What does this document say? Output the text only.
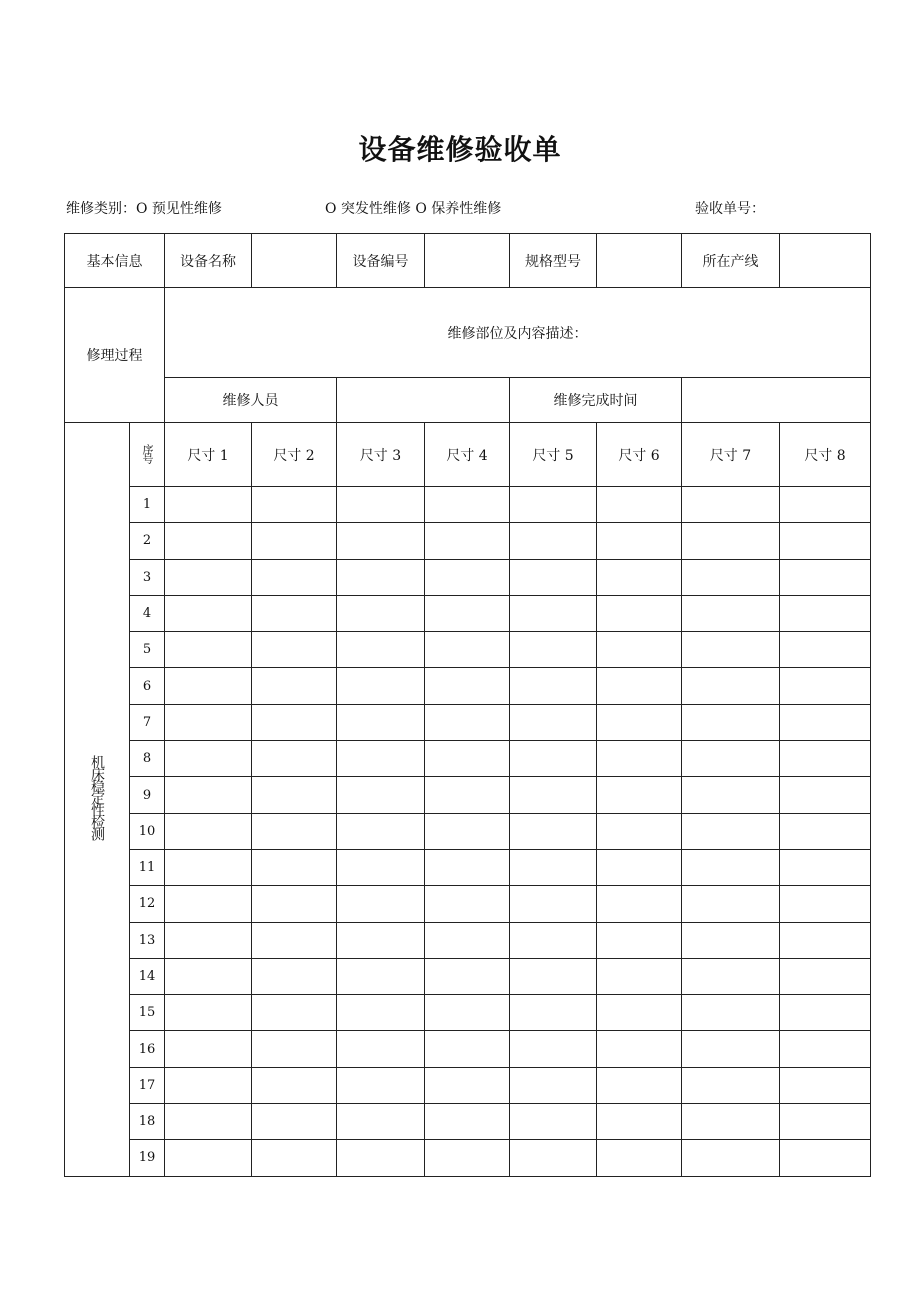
设备维修验收单
维修类别：O 预见性维修	O 突发性维修 O 保养性维修	验收单号：
基本信息		设备名称		设备编号		规格型号		所在产线	
修理过程		维修部位及内容描述：							
		维修人员				维修完成时间			
机床稳定性检测	序号	尺寸 1	尺寸 2	尺寸 3	尺寸 4	尺寸 5	尺寸 6	尺寸 7	尺寸 8
	1								
	2								
	3								
	4								
	5								
	6								
	7								
	8								
	9								
	10								
	11								
	12								
	13								
	14								
	15								
	16								
	17								
	18								
	19								
